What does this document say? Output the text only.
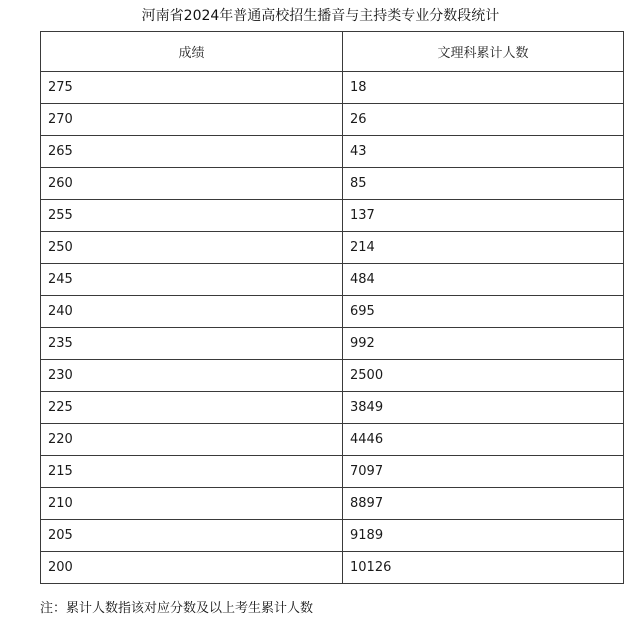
河南省2024年普通高校招生播音与主持类专业分数段统计
成绩	文理科累计人数
275	18
270	26
265	43
260	85
255	137
250	214
245	484
240	695
235	992
230	2500
225	3849
220	4446
215	7097
210	8897
205	9189
200	10126
注：累计人数指该对应分数及以上考生累计人数
